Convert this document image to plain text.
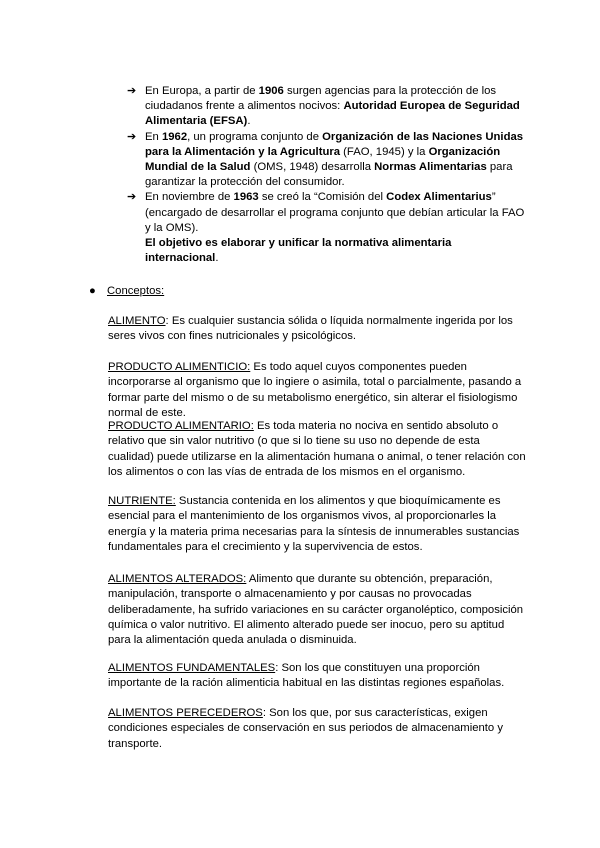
➔ En Europa, a partir de 1906 surgen agencias para la protección de los ciudadanos frente a alimentos nocivos: Autoridad Europea de Seguridad Alimentaria (EFSA).
➔ En 1962, un programa conjunto de Organización de las Naciones Unidas para la Alimentación y la Agricultura (FAO, 1945) y la Organización Mundial de la Salud (OMS, 1948) desarrolla Normas Alimentarias para garantizar la protección del consumidor.
➔ En noviembre de 1963 se creó la “Comisión del Codex Alimentarius” (encargado de desarrollar el programa conjunto que debían articular la FAO y la OMS).
El objetivo es elaborar y unificar la normativa alimentaria internacional.
● Conceptos:
ALIMENTO: Es cualquier sustancia sólida o líquida normalmente ingerida por los seres vivos con fines nutricionales y psicológicos.
PRODUCTO ALIMENTICIO: Es todo aquel cuyos componentes pueden incorporarse al organismo que lo ingiere o asimila, total o parcialmente, pasando a formar parte del mismo o de su metabolismo energético, sin alterar el fisiologismo normal de este.
PRODUCTO ALIMENTARIO: Es toda materia no nociva en sentido absoluto o relativo que sin valor nutritivo (o que si lo tiene su uso no depende de esta cualidad) puede utilizarse en la alimentación humana o animal, o tener relación con los alimentos o con las vías de entrada de los mismos en el organismo.
NUTRIENTE: Sustancia contenida en los alimentos y que bioquímicamente es esencial para el mantenimiento de los organismos vivos, al proporcionarles la energía y la materia prima necesarias para la síntesis de innumerables sustancias fundamentales para el crecimiento y la supervivencia de estos.
ALIMENTOS ALTERADOS: Alimento que durante su obtención, preparación, manipulación, transporte o almacenamiento y por causas no provocadas deliberadamente, ha sufrido variaciones en su carácter organoléptico, composición química o valor nutritivo. El alimento alterado puede ser inocuo, pero su aptitud para la alimentación queda anulada o disminuida.
ALIMENTOS FUNDAMENTALES: Son los que constituyen una proporción importante de la ración alimenticia habitual en las distintas regiones españolas.
ALIMENTOS PERECEDEROS: Son los que, por sus características, exigen condiciones especiales de conservación en sus periodos de almacenamiento y transporte.
